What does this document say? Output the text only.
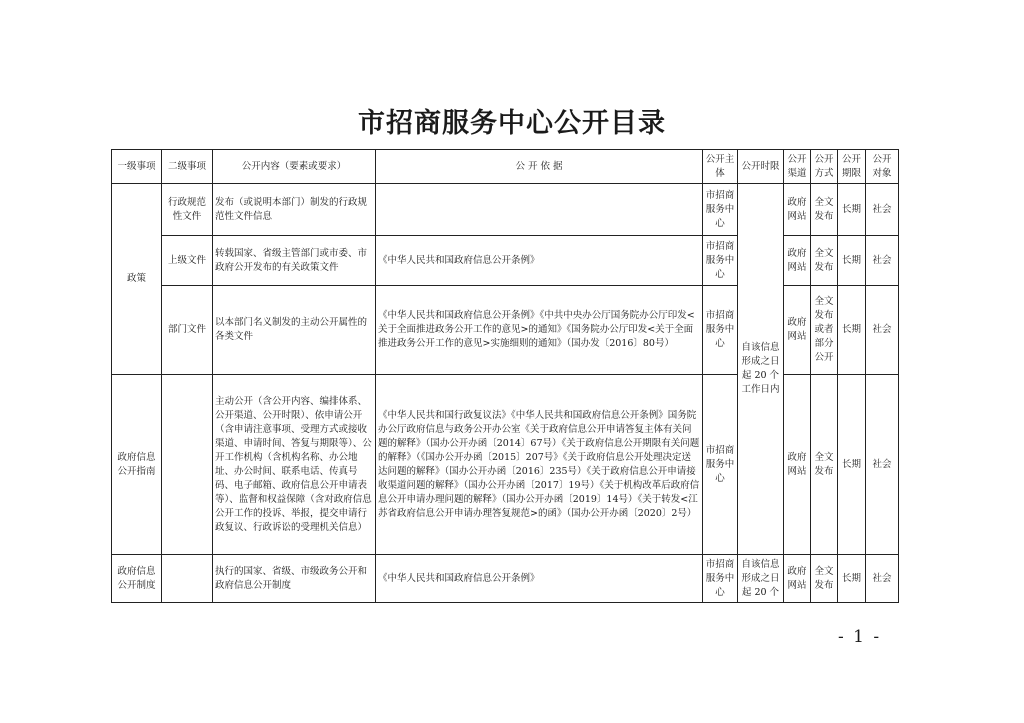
市招商服务中心公开目录
一级事项	二级事项	公开内容（要素或要求）	公 开 依 据	公开主体	公开时限	公开渠道	公开方式	公开期限	公开对象
政策	行政规范性文件	发布（或说明本部门）制发的行政规范性文件信息		市招商服务中心	自该信息形成之日起 20 个工作日内	政府网站	全文发布	长期	社会
	上级文件	转载国家、省级主管部门或市委、市政府公开发布的有关政策文件	《中华人民共和国政府信息公开条例》	市招商服务中心		政府网站	全文发布	长期	社会
	部门文件	以本部门名义制发的主动公开属性的各类文件	《中华人民共和国政府信息公开条例》《中共中央办公厅国务院办公厅印发<关于全面推进政务公开工作的意见>的通知》《国务院办公厅印发<关于全面推进政务公开工作的意见>实施细则的通知》（国办发〔2016〕80号）	市招商服务中心		政府网站	全文发布或者部分公开	长期	社会
政府信息公开指南		主动公开（含公开内容、编排体系、公开渠道、公开时限）、依申请公开（含申请注意事项、受理方式或接收渠道、申请时间、答复与期限等）、公开工作机构（含机构名称、办公地址、办公时间、联系电话、传真号码、电子邮箱、政府信息公开申请表等）、监督和权益保障（含对政府信息公开工作的投诉、举报，提交申请行政复议、行政诉讼的受理机关信息）	《中华人民共和国行政复议法》《中华人民共和国政府信息公开条例》国务院办公厅政府信息与政务公开办公室《关于政府信息公开申请答复主体有关问题的解释》（国办公开办函〔2014〕67号）《关于政府信息公开期限有关问题的解释》（《国办公开办函〔2015〕207号》《关于政府信息公开处理决定送达问题的解释》（国办公开办函〔2016〕235号）《关于政府信息公开申请接收渠道问题的解释》（国办公开办函〔2017〕19号）《关于机构改革后政府信息公开申请办理问题的解释》（国办公开办函〔2019〕14号）《关于转发<江苏省政府信息公开申请办理答复规范>的函》（国办公开办函〔2020〕2号）	市招商服务中心		政府网站	全文发布	长期	社会
政府信息公开制度		执行的国家、省级、市级政务公开和政府信息公开制度	《中华人民共和国政府信息公开条例》	市招商服务中心	自该信息形成之日起 20 个	政府网站	全文发布	长期	社会
- 1 -
